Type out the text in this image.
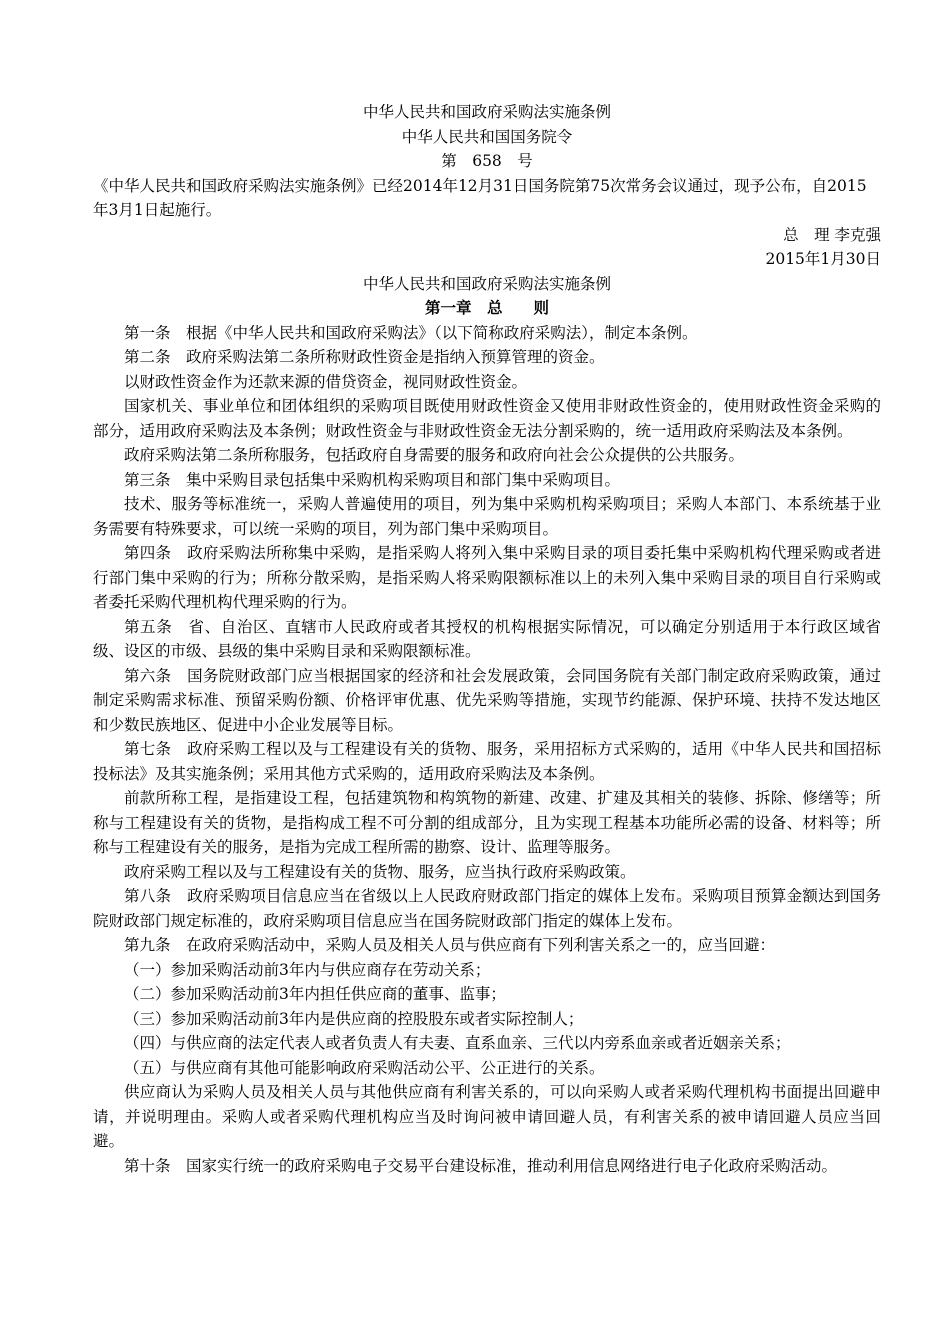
中华人民共和国政府采购法实施条例
中华人民共和国国务院令
第　658　号
《中华人民共和国政府采购法实施条例》已经2014年12月31日国务院第75次常务会议通过，现予公布，自2015年3月1日起施行。
总　理 李克强
2015年1月30日
中华人民共和国政府采购法实施条例
第一章　总　　则
第一条　根据《中华人民共和国政府采购法》（以下简称政府采购法），制定本条例。
第二条　政府采购法第二条所称财政性资金是指纳入预算管理的资金。
以财政性资金作为还款来源的借贷资金，视同财政性资金。
国家机关、事业单位和团体组织的采购项目既使用财政性资金又使用非财政性资金的，使用财政性资金采购的部分，适用政府采购法及本条例；财政性资金与非财政性资金无法分割采购的，统一适用政府采购法及本条例。
政府采购法第二条所称服务，包括政府自身需要的服务和政府向社会公众提供的公共服务。
第三条　集中采购目录包括集中采购机构采购项目和部门集中采购项目。
技术、服务等标准统一，采购人普遍使用的项目，列为集中采购机构采购项目；采购人本部门、本系统基于业务需要有特殊要求，可以统一采购的项目，列为部门集中采购项目。
第四条　政府采购法所称集中采购，是指采购人将列入集中采购目录的项目委托集中采购机构代理采购或者进行部门集中采购的行为；所称分散采购，是指采购人将采购限额标准以上的未列入集中采购目录的项目自行采购或者委托采购代理机构代理采购的行为。
第五条　省、自治区、直辖市人民政府或者其授权的机构根据实际情况，可以确定分别适用于本行政区域省级、设区的市级、县级的集中采购目录和采购限额标准。
第六条　国务院财政部门应当根据国家的经济和社会发展政策，会同国务院有关部门制定政府采购政策，通过制定采购需求标准、预留采购份额、价格评审优惠、优先采购等措施，实现节约能源、保护环境、扶持不发达地区和少数民族地区、促进中小企业发展等目标。
第七条　政府采购工程以及与工程建设有关的货物、服务，采用招标方式采购的，适用《中华人民共和国招标投标法》及其实施条例；采用其他方式采购的，适用政府采购法及本条例。
前款所称工程，是指建设工程，包括建筑物和构筑物的新建、改建、扩建及其相关的装修、拆除、修缮等；所称与工程建设有关的货物，是指构成工程不可分割的组成部分，且为实现工程基本功能所必需的设备、材料等；所称与工程建设有关的服务，是指为完成工程所需的勘察、设计、监理等服务。
政府采购工程以及与工程建设有关的货物、服务，应当执行政府采购政策。
第八条　政府采购项目信息应当在省级以上人民政府财政部门指定的媒体上发布。采购项目预算金额达到国务院财政部门规定标准的，政府采购项目信息应当在国务院财政部门指定的媒体上发布。
第九条　在政府采购活动中，采购人员及相关人员与供应商有下列利害关系之一的，应当回避：
（一）参加采购活动前3年内与供应商存在劳动关系；
（二）参加采购活动前3年内担任供应商的董事、监事；
（三）参加采购活动前3年内是供应商的控股股东或者实际控制人；
（四）与供应商的法定代表人或者负责人有夫妻、直系血亲、三代以内旁系血亲或者近姻亲关系；
（五）与供应商有其他可能影响政府采购活动公平、公正进行的关系。
供应商认为采购人员及相关人员与其他供应商有利害关系的，可以向采购人或者采购代理机构书面提出回避申请，并说明理由。采购人或者采购代理机构应当及时询问被申请回避人员，有利害关系的被申请回避人员应当回避。
第十条　国家实行统一的政府采购电子交易平台建设标准，推动利用信息网络进行电子化政府采购活动。
